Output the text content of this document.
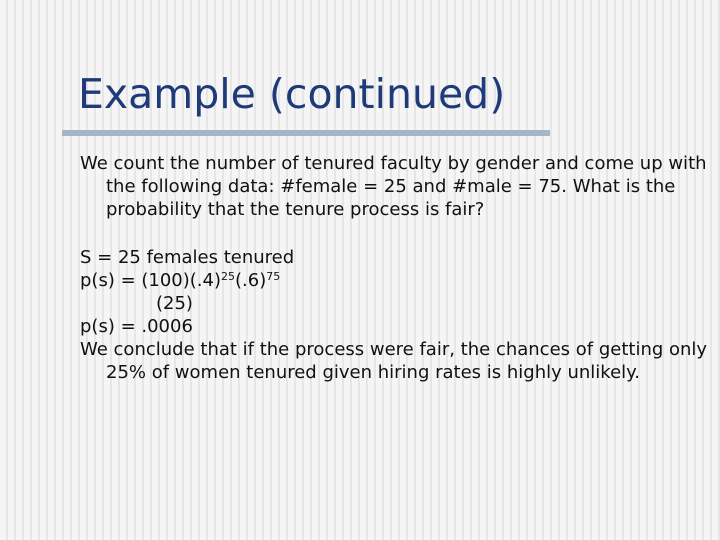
Example (continued)

We count the number of tenured faculty by gender and come up with the following data: #female = 25 and #male = 75. What is the probability that the tenure process is fair?

S = 25 females tenured

$p(s) = (100)(.4)^{25}(.6)^{75}$

(25)

p(s) = .0006

We conclude that if the process were fair, the chances of getting only 25% of women tenured given hiring rates is highly unlikely.
